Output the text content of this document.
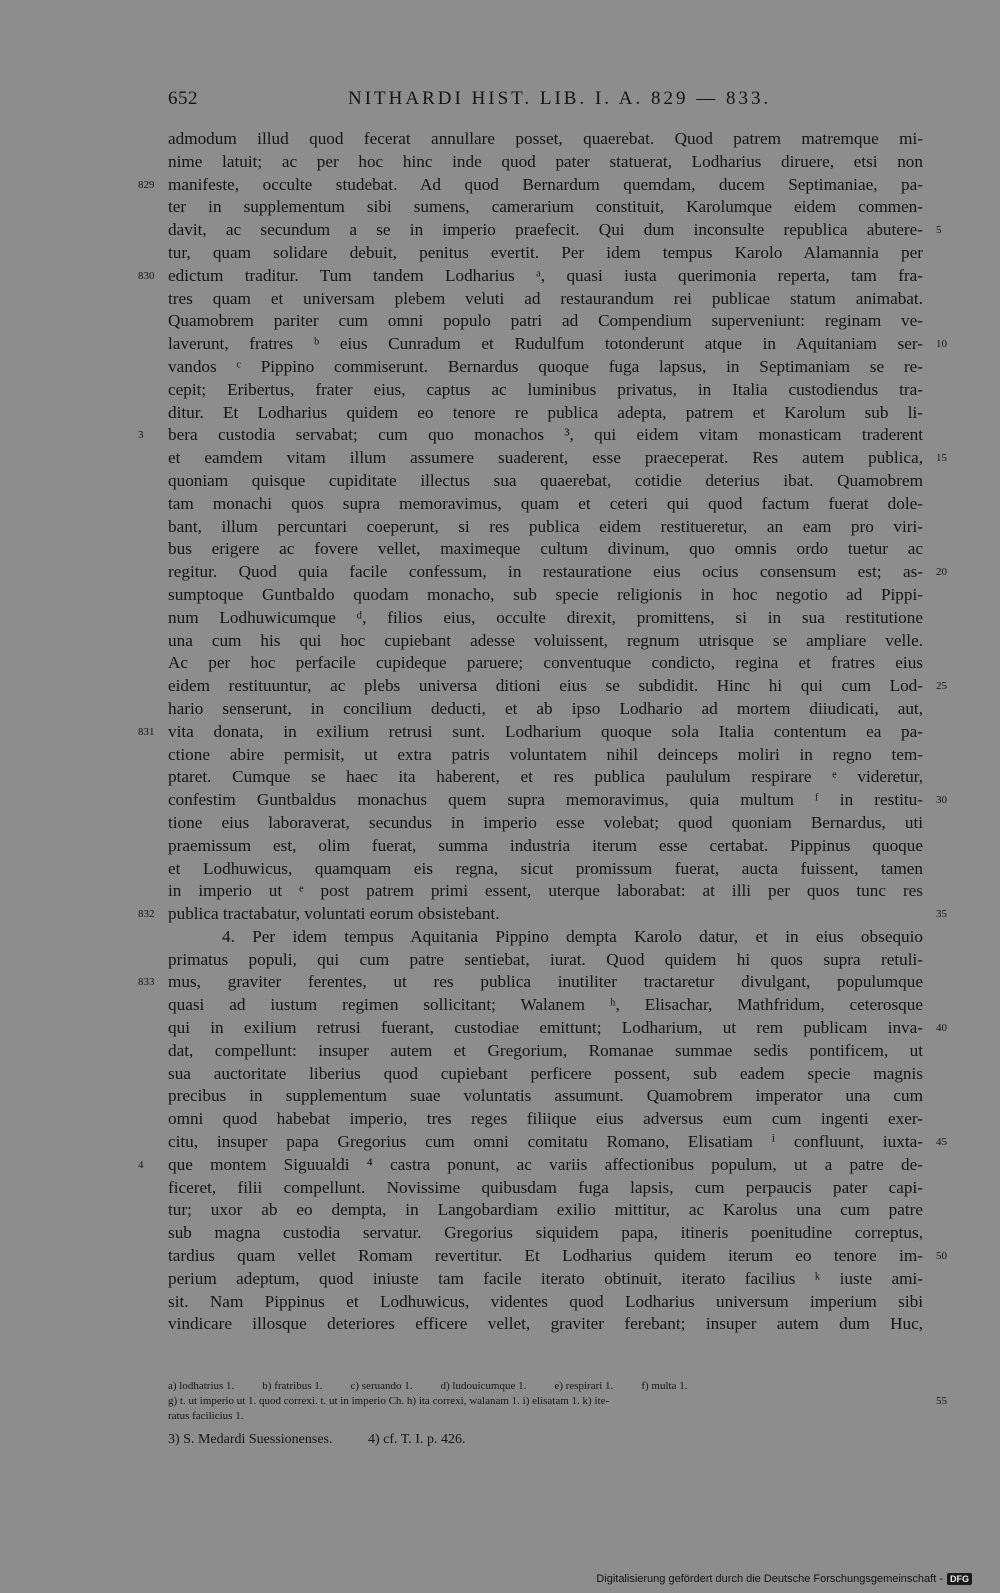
652	NITHARDI HIST. LIB. I. A. 829 — 833.
admodum illud quod fecerat annullare posset, quaerebat. Quod patrem matremque mi-
nime latuit; ac per hoc hinc inde quod pater statuerat, Lodharius diruere, etsi non
manifeste, occulte studebat. Ad quod Bernardum quemdam, ducem Septimaniae, pa-
829
ter in supplementum sibi sumens, camerarium constituit, Karolumque eidem commen-
davit, ac secundum a se in imperio praefecit. Qui dum inconsulte republica abutere- 5
tur, quam solidare debuit, penitus evertit. Per idem tempus Karolo Alamannia per
edictum traditur. Tum tandem Lodharius ᵃ, quasi iusta querimonia reperta, tam fra-
830
tres quam et universam plebem veluti ad restaurandum rei publicae statum animabat.
Quamobrem pariter cum omni populo patri ad Compendium superveniunt: reginam ve-
laverunt, fratres ᵇ eius Cunradum et Rudulfum totonderunt atque in Aquitaniam ser- 10
vandos ᶜ Pippino commiserunt. Bernardus quoque fuga lapsus, in Septimaniam se re-
cepit; Eribertus, frater eius, captus ac luminibus privatus, in Italia custodiendus tra-
ditur. Et Lodharius quidem eo tenore re publica adepta, patrem et Karolum sub li-
bera custodia servabat; cum quo monachos ³, qui eidem vitam monasticam traderent
3
et eamdem vitam illum assumere suaderent, esse praeceperat. Res autem publica, 15
quoniam quisque cupiditate illectus sua quaerebat, cotidie deterius ibat. Quamobrem
tam monachi quos supra memoravimus, quam et ceteri qui quod factum fuerat dole-
bant, illum percuntari coeperunt, si res publica eidem restitueretur, an eam pro viri-
bus erigere ac fovere vellet, maximeque cultum divinum, quo omnis ordo tuetur ac
regitur. Quod quia facile confessum, in restauratione eius ocius consensum est; as- 20
sumptoque Guntbaldo quodam monacho, sub specie religionis in hoc negotio ad Pippi-
num Lodhuwicumque ᵈ, filios eius, occulte direxit, promittens, si in sua restitutione
una cum his qui hoc cupiebant adesse voluissent, regnum utrisque se ampliare velle.
Ac per hoc perfacile cupideque paruere; conventuque condicto, regina et fratres eius
eidem restituuntur, ac plebs universa ditioni eius se subdidit. Hinc hi qui cum Lod- 25
hario senserunt, in concilium deducti, et ab ipso Lodhario ad mortem diiudicati, aut,
vita donata, in exilium retrusi sunt. Lodharium quoque sola Italia contentum ea pa-
831
ctione abire permisit, ut extra patris voluntatem nihil deinceps moliri in regno tem-
ptaret. Cumque se haec ita haberent, et res publica paululum respirare ᵉ videretur,
confestim Guntbaldus monachus quem supra memoravimus, quia multum ᶠ in restitu- 30
tione eius laboraverat, secundus in imperio esse volebat; quod quoniam Bernardus, uti
praemissum est, olim fuerat, summa industria iterum esse certabat. Pippinus quoque
et Lodhuwicus, quamquam eis regna, sicut promissum fuerat, aucta fuissent, tamen
in imperio ut ᵉ post patrem primi essent, uterque laborabat: at illi per quos tunc res
publica tractabatur, voluntati eorum obsistebant.
832	35
4. Per idem tempus Aquitania Pippino dempta Karolo datur, et in eius obsequio
primatus populi, qui cum patre sentiebat, iurat. Quod quidem hi quos supra retuli-
mus, graviter ferentes, ut res publica inutiliter tractaretur divulgant, populumque
833
quasi ad iustum regimen sollicitant; Walanem ʰ, Elisachar, Mathfridum, ceterosque
qui in exilium retrusi fuerant, custodiae emittunt; Lodharium, ut rem publicam inva- 40
dat, compellunt: insuper autem et Gregorium, Romanae summae sedis pontificem, ut
sua auctoritate liberius quod cupiebant perficere possent, sub eadem specie magnis
precibus in supplementum suae voluntatis assumunt. Quamobrem imperator una cum
omni quod habebat imperio, tres reges filiique eius adversus eum cum ingenti exer-
citu, insuper papa Gregorius cum omni comitatu Romano, Elisatiam ⁱ confluunt, iuxta- 45
que montem Siguualdi ⁴ castra ponunt, ac variis affectionibus populum, ut a patre de-
4
ficeret, filii compellunt. Novissime quibusdam fuga lapsis, cum perpaucis pater capi-
tur; uxor ab eo dempta, in Langobardiam exilio mittitur, ac Karolus una cum patre
sub magna custodia servatur. Gregorius siquidem papa, itineris poenitudine correptus,
tardius quam vellet Romam revertitur. Et Lodharius quidem iterum eo tenore im- 50
perium adeptum, quod iniuste tam facile iterato obtinuit, iterato facilius ᵏ iuste ami-
sit. Nam Pippinus et Lodhuwicus, videntes quod Lodharius universum imperium sibi
vindicare illosque deteriores efficere vellet, graviter ferebant; insuper autem dum Huc,
a) lodhatrius 1.	b) fratribus 1.	c) seruando 1.	d) ludouicumque 1.	e) respirari 1.	f) multa 1.
g) t. ut imperio ut 1. quod correxi. t. ut in imperio Ch. h) ita correxi, walanam 1. i) elisatam 1. k) ite-	55
ratus facilicius 1.
3) S. Medardi Suessionenses.	4) cf. T. I. p. 426.
Digitalisierung gefördert durch die Deutsche Forschungsgemeinschaft - DFG
